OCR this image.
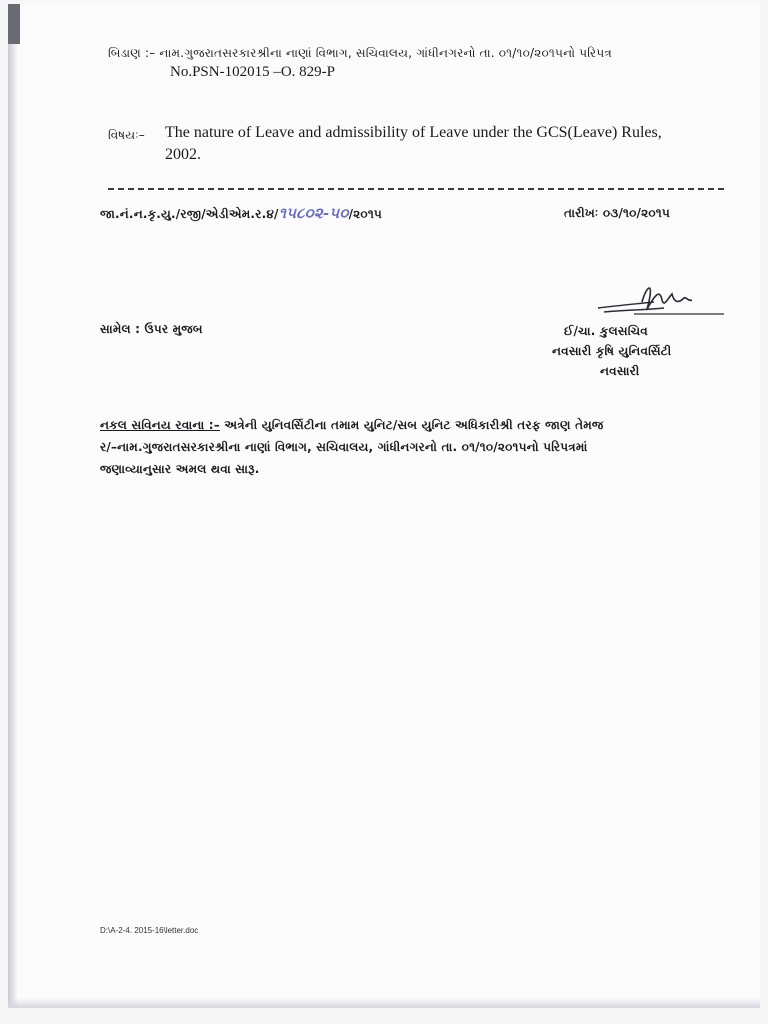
બિડાણ :– નામ.ગુજરાતસરકારશ્રીના નાણાં વિભાગ, સચિવાલય, ગાંધીનગરનો તા. ૦૧/૧૦/૨૦૧૫નો પરિપત્ર
No.PSN-102015 –O. 829-P
વિષયઃ– The nature of Leave and admissibility of Leave under the GCS(Leave) Rules,
2002.
જા.નં.ન.કૃ.યુ./રજી/એડીએમ.ર.૪/૧૫૮૦૨-૫૦/૨૦૧૫	તારીખઃ ૦૩/૧૦/૨૦૧૫
સામેલ : ઉપર મુજબ	ઈ/ચા. કુલસચિવ
નવસારી કૃષિ યુનિવર્સિટી
નવસારી
નકલ સવિનય રવાના :– અત્રેની યુનિવર્સિટીના તમામ યુનિટ/સબ યુનિટ અધિકારીશ્રી તરફ જાણ તેમજ
ર/–નામ.ગુજરાતસરકારશ્રીના નાણાં વિભાગ, સચિવાલય, ગાંધીનગરનો તા. ૦૧/૧૦/૨૦૧૫નો પરિપત્રમાં
જણાવ્યાનુસાર અમલ થવા સારૂ.
D:\A-2-4. 2015-16\letter.doc
